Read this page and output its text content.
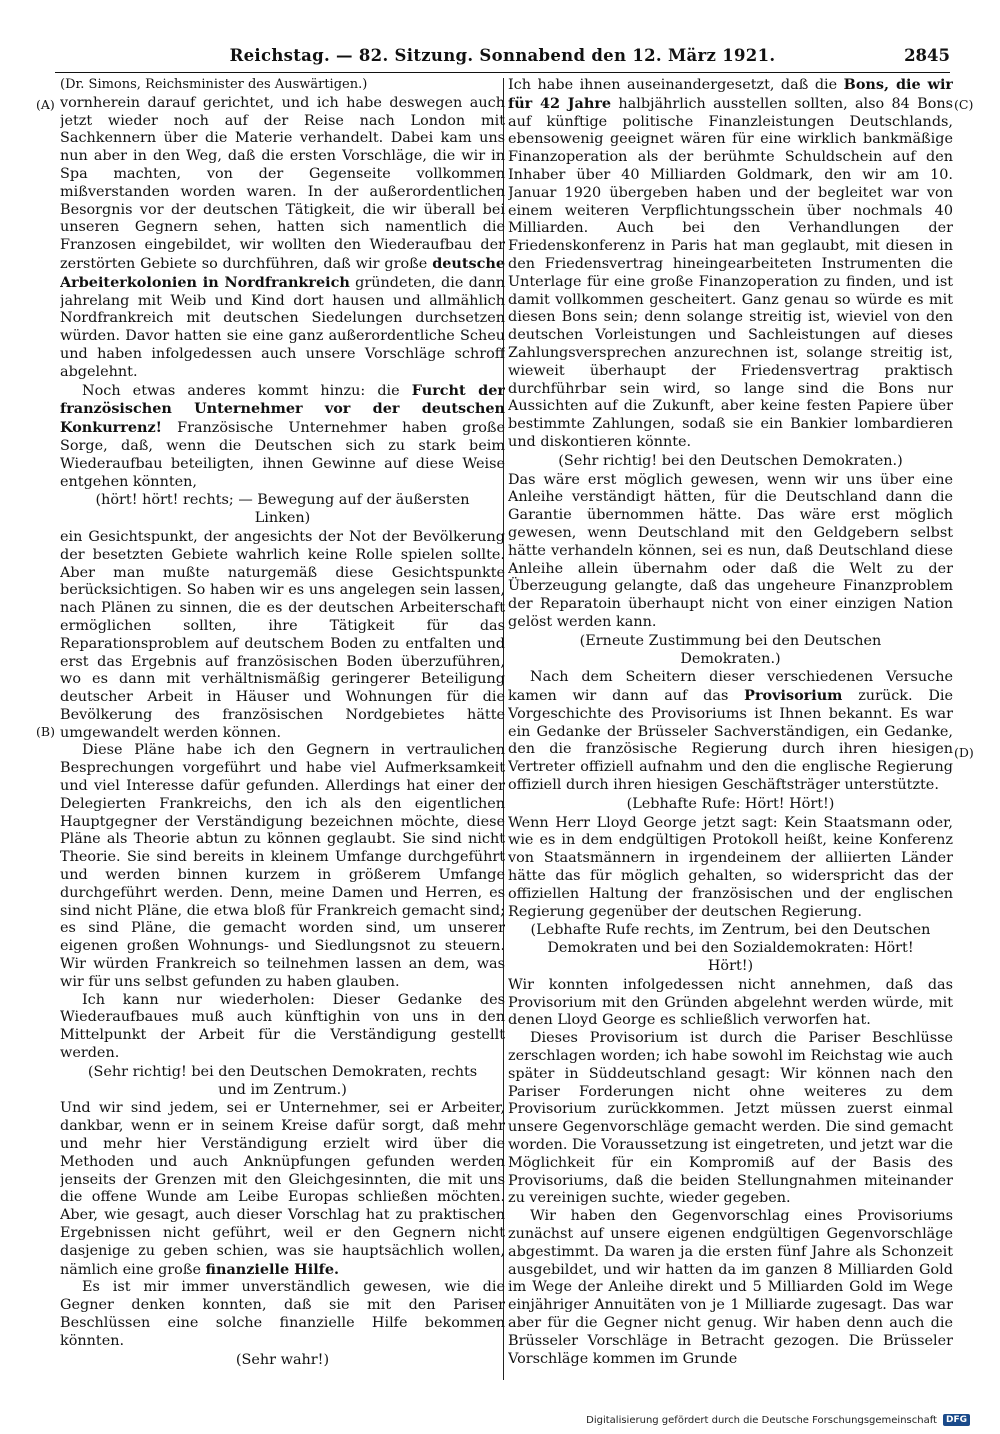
Reichstag. — 82. Sitzung. Sonnabend den 12. März 1921.	2845
(A)
(B)
(C)
(D)

(Dr. Simons, Reichsminister des Auswärtigen.)

vornherein darauf gerichtet, und ich habe deswegen auch jetzt wieder noch auf der Reise nach London mit Sachkennern über die Materie verhandelt. Dabei kam uns nun aber in den Weg, daß die ersten Vorschläge, die wir in Spa machten, von der Gegenseite vollkommen mißverstanden worden waren. In der außerordentlichen Besorgnis vor der deutschen Tätigkeit, die wir überall bei unseren Gegnern sehen, hatten sich namentlich die Franzosen eingebildet, wir wollten den Wiederaufbau der zerstörten Gebiete so durchführen, daß wir große deutsche Arbeiterkolonien in Nordfrankreich gründeten, die dann jahrelang mit Weib und Kind dort hausen und allmählich Nordfrankreich mit deutschen Siedelungen durchsetzen würden. Davor hatten sie eine ganz außerordentliche Scheu und haben infolgedessen auch unsere Vorschläge schroff abgelehnt.

Noch etwas anderes kommt hinzu: die Furcht der französischen Unternehmer vor der deutschen Konkurrenz! Französische Unternehmer haben große Sorge, daß, wenn die Deutschen sich zu stark beim Wiederaufbau beteiligten, ihnen Gewinne auf diese Weise entgehen könnten,

(hört! hört! rechts; — Bewegung auf der äußersten Linken)

ein Gesichtspunkt, der angesichts der Not der Bevölkerung der besetzten Gebiete wahrlich keine Rolle spielen sollte. Aber man mußte naturgemäß diese Gesichtspunkte berücksichtigen. So haben wir es uns angelegen sein lassen, nach Plänen zu sinnen, die es der deutschen Arbeiterschaft ermöglichen sollten, ihre Tätigkeit für das Reparationsproblem auf deutschem Boden zu entfalten und erst das Ergebnis auf französischen Boden überzuführen, wo es dann mit verhältnismäßig geringerer Beteiligung deutscher Arbeit in Häuser und Wohnungen für die Bevölkerung des französischen Nordgebietes hätte umgewandelt werden können.

Diese Pläne habe ich den Gegnern in vertraulichen Besprechungen vorgeführt und habe viel Aufmerksamkeit und viel Interesse dafür gefunden. Allerdings hat einer der Delegierten Frankreichs, den ich als den eigentlichen Hauptgegner der Verständigung bezeichnen möchte, diese Pläne als Theorie abtun zu können geglaubt. Sie sind nicht Theorie. Sie sind bereits in kleinem Umfange durchgeführt und werden binnen kurzem in größerem Umfange durchgeführt werden. Denn, meine Damen und Herren, es sind nicht Pläne, die etwa bloß für Frankreich gemacht sind; es sind Pläne, die gemacht worden sind, um unserer eigenen großen Wohnungs- und Siedlungsnot zu steuern. Wir würden Frankreich so teilnehmen lassen an dem, was wir für uns selbst gefunden zu haben glauben.

Ich kann nur wiederholen: Dieser Gedanke des Wiederaufbaues muß auch künftighin von uns in den Mittelpunkt der Arbeit für die Verständigung gestellt werden.

(Sehr richtig! bei den Deutschen Demokraten, rechts und im Zentrum.)

Und wir sind jedem, sei er Unternehmer, sei er Arbeiter, dankbar, wenn er in seinem Kreise dafür sorgt, daß mehr und mehr hier Verständigung erzielt wird über die Methoden und auch Anknüpfungen gefunden werden jenseits der Grenzen mit den Gleichgesinnten, die mit uns die offene Wunde am Leibe Europas schließen möchten. Aber, wie gesagt, auch dieser Vorschlag hat zu praktischen Ergebnissen nicht geführt, weil er den Gegnern nicht dasjenige zu geben schien, was sie hauptsächlich wollen, nämlich eine große finanzielle Hilfe.

Es ist mir immer unverständlich gewesen, wie die Gegner denken konnten, daß sie mit den Pariser Beschlüssen eine solche finanzielle Hilfe bekommen könnten.

(Sehr wahr!)

Ich habe ihnen auseinandergesetzt, daß die Bons, die wir für 42 Jahre halbjährlich ausstellen sollten, also 84 Bons auf künftige politische Finanzleistungen Deutschlands, ebensowenig geeignet wären für eine wirklich bankmäßige Finanzoperation als der berühmte Schuldschein auf den Inhaber über 40 Milliarden Goldmark, den wir am 10. Januar 1920 übergeben haben und der begleitet war von einem weiteren Verpflichtungsschein über nochmals 40 Milliarden. Auch bei den Verhandlungen der Friedenskonferenz in Paris hat man geglaubt, mit diesen in den Friedensvertrag hineingearbeiteten Instrumenten die Unterlage für eine große Finanzoperation zu finden, und ist damit vollkommen gescheitert. Ganz genau so würde es mit diesen Bons sein; denn solange streitig ist, wieviel von den deutschen Vorleistungen und Sachleistungen auf dieses Zahlungsversprechen anzurechnen ist, solange streitig ist, wieweit überhaupt der Friedensvertrag praktisch durchführbar sein wird, so lange sind die Bons nur Aussichten auf die Zukunft, aber keine festen Papiere über bestimmte Zahlungen, sodaß sie ein Bankier lombardieren und diskontieren könnte.

(Sehr richtig! bei den Deutschen Demokraten.)

Das wäre erst möglich gewesen, wenn wir uns über eine Anleihe verständigt hätten, für die Deutschland dann die Garantie übernommen hätte. Das wäre erst möglich gewesen, wenn Deutschland mit den Geldgebern selbst hätte verhandeln können, sei es nun, daß Deutschland diese Anleihe allein übernahm oder daß die Welt zu der Überzeugung gelangte, daß das ungeheure Finanzproblem der Reparatoin überhaupt nicht von einer einzigen Nation gelöst werden kann.

(Erneute Zustimmung bei den Deutschen Demokraten.)

Nach dem Scheitern dieser verschiedenen Versuche kamen wir dann auf das Provisorium zurück. Die Vorgeschichte des Provisoriums ist Ihnen bekannt. Es war ein Gedanke der Brüsseler Sachverständigen, ein Gedanke, den die französische Regierung durch ihren hiesigen Vertreter offiziell aufnahm und den die englische Regierung offiziell durch ihren hiesigen Geschäftsträger unterstützte.

(Lebhafte Rufe: Hört! Hört!)

Wenn Herr Lloyd George jetzt sagt: Kein Staatsmann oder, wie es in dem endgültigen Protokoll heißt, keine Konferenz von Staatsmännern in irgendeinem der alliierten Länder hätte das für möglich gehalten, so widerspricht das der offiziellen Haltung der französischen und der englischen Regierung gegenüber der deutschen Regierung.

(Lebhafte Rufe rechts, im Zentrum, bei den Deutschen Demokraten und bei den Sozialdemokraten: Hört! Hört!)

Wir konnten infolgedessen nicht annehmen, daß das Provisorium mit den Gründen abgelehnt werden würde, mit denen Lloyd George es schließlich verworfen hat.

Dieses Provisorium ist durch die Pariser Beschlüsse zerschlagen worden; ich habe sowohl im Reichstag wie auch später in Süddeutschland gesagt: Wir können nach den Pariser Forderungen nicht ohne weiteres zu dem Provisorium zurückkommen. Jetzt müssen zuerst einmal unsere Gegenvorschläge gemacht werden. Die sind gemacht worden. Die Voraussetzung ist eingetreten, und jetzt war die Möglichkeit für ein Kompromiß auf der Basis des Provisoriums, daß die beiden Stellungnahmen miteinander zu vereinigen suchte, wieder gegeben.

Wir haben den Gegenvorschlag eines Provisoriums zunächst auf unsere eigenen endgültigen Gegenvorschläge abgestimmt. Da waren ja die ersten fünf Jahre als Schonzeit ausgebildet, und wir hatten da im ganzen 8 Milliarden Gold im Wege der Anleihe direkt und 5 Milliarden Gold im Wege einjähriger Annuitäten von je 1 Milliarde zugesagt. Das war aber für die Gegner nicht genug. Wir haben denn auch die Brüsseler Vorschläge in Betracht gezogen. Die Brüsseler Vorschläge kommen im Grunde

Digitalisierung gefördert durch die Deutsche Forschungsgemeinschaft	DFG
